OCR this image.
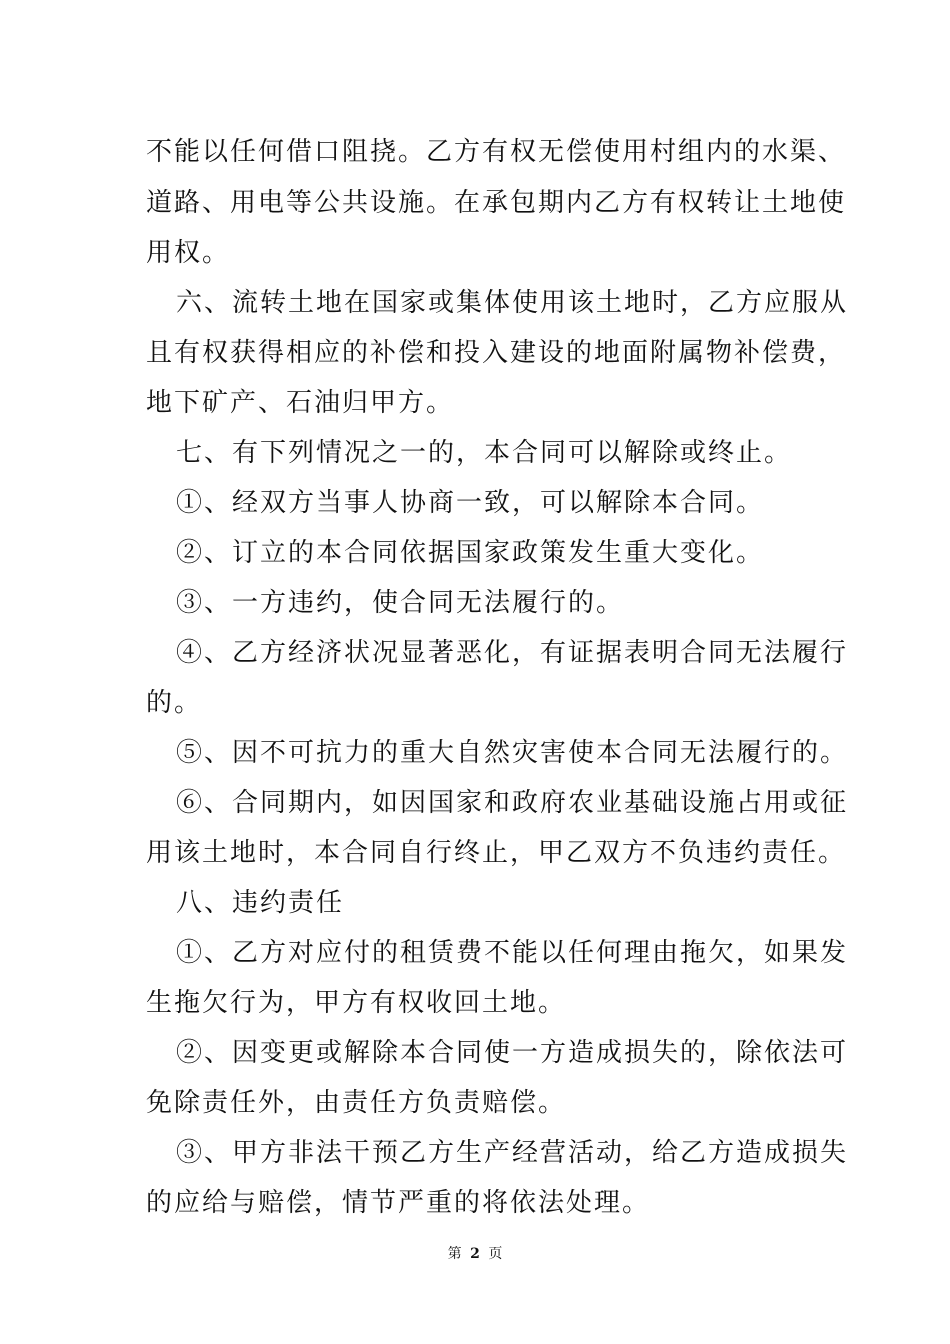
不能以任何借口阻挠。乙方有权无偿使用村组内的水渠、
道路、用电等公共设施。在承包期内乙方有权转让土地使
用权。
六、流转土地在国家或集体使用该土地时，乙方应服从
且有权获得相应的补偿和投入建设的地面附属物补偿费，
地下矿产、石油归甲方。
七、有下列情况之一的，本合同可以解除或终止。
①、经双方当事人协商一致，可以解除本合同。
②、订立的本合同依据国家政策发生重大变化。
③、一方违约，使合同无法履行的。
④、乙方经济状况显著恶化，有证据表明合同无法履行
的。
⑤、因不可抗力的重大自然灾害使本合同无法履行的。
⑥、合同期内，如因国家和政府农业基础设施占用或征
用该土地时，本合同自行终止，甲乙双方不负违约责任。
八、违约责任
①、乙方对应付的租赁费不能以任何理由拖欠，如果发
生拖欠行为，甲方有权收回土地。
②、因变更或解除本合同使一方造成损失的，除依法可
免除责任外，由责任方负责赔偿。
③、甲方非法干预乙方生产经营活动，给乙方造成损失
的应给与赔偿，情节严重的将依法处理。
第 2 页
